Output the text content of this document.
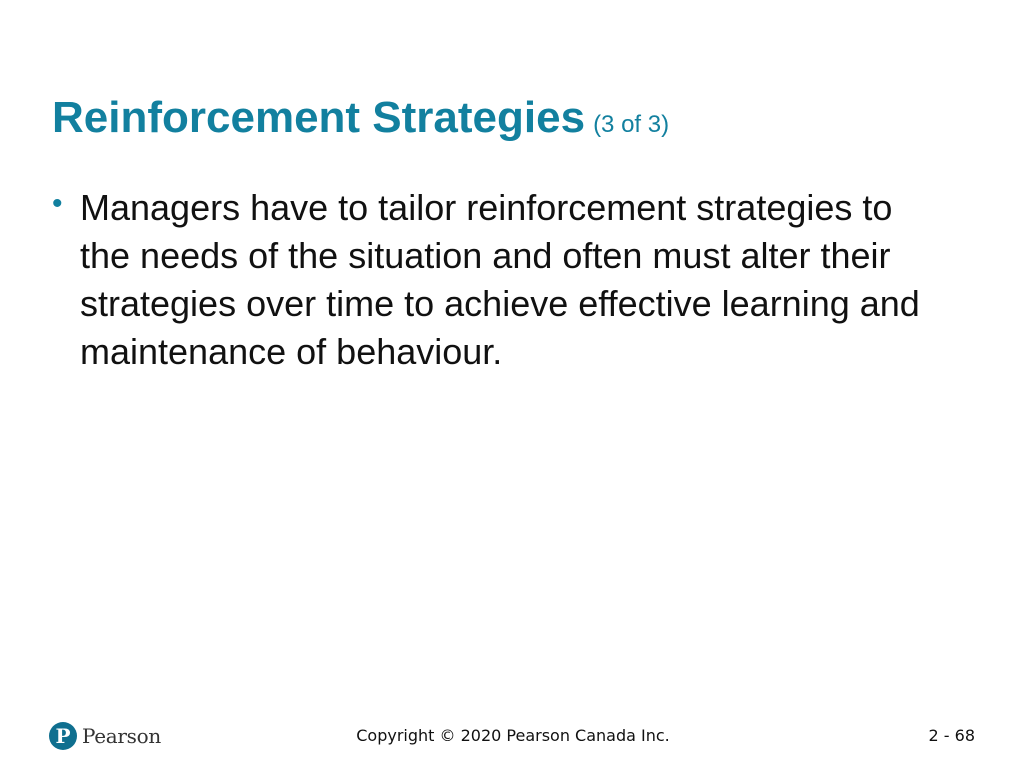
Reinforcement Strategies (3 of 3)
• Managers have to tailor reinforcement strategies to the needs of the situation and often must alter their strategies over time to achieve effective learning and maintenance of behaviour.
P Pearson	Copyright © 2020 Pearson Canada Inc.	2 - 68
